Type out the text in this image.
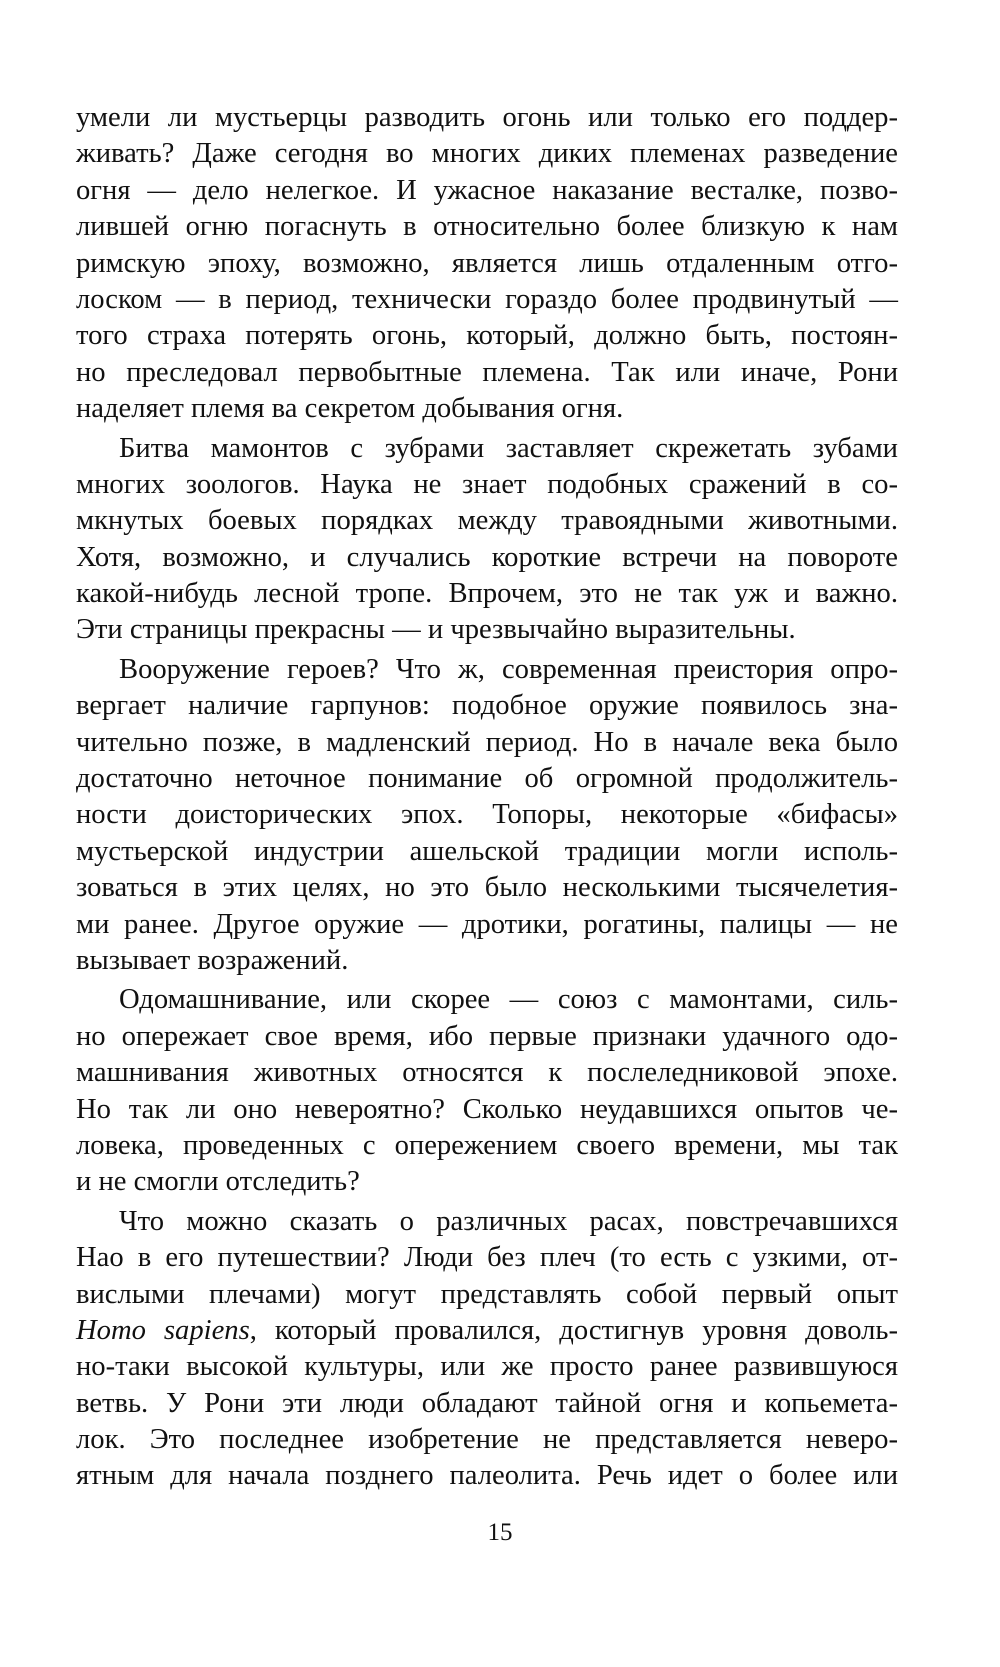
умели ли мустьерцы разводить огонь или только его поддер-
живать? Даже сегодня во многих диких племенах разведение
огня — дело нелегкое. И ужасное наказание весталке, позво-
лившей огню погаснуть в относительно более близкую к нам
римскую эпоху, возможно, является лишь отдаленным отго-
лоском — в период, технически гораздо более продвинутый —
того страха потерять огонь, который, должно быть, постоян-
но преследовал первобытные племена. Так или иначе, Рони
наделяет племя ва секретом добывания огня.
Битва мамонтов с зубрами заставляет скрежетать зубами
многих зоологов. Наука не знает подобных сражений в со-
мкнутых боевых порядках между травоядными животными.
Хотя, возможно, и случались короткие встречи на повороте
какой-нибудь лесной тропе. Впрочем, это не так уж и важно.
Эти страницы прекрасны — и чрезвычайно выразительны.
Вооружение героев? Что ж, современная преистория опро-
вергает наличие гарпунов: подобное оружие появилось зна-
чительно позже, в мадленский период. Но в начале века было
достаточно неточное понимание об огромной продолжитель-
ности доисторических эпох. Топоры, некоторые «бифасы»
мустьерской индустрии ашельской традиции могли исполь-
зоваться в этих целях, но это было несколькими тысячелетия-
ми ранее. Другое оружие — дротики, рогатины, палицы — не
вызывает возражений.
Одомашнивание, или скорее — союз с мамонтами, силь-
но опережает свое время, ибо первые признаки удачного одо-
машнивания животных относятся к послеледниковой эпохе.
Но так ли оно невероятно? Сколько неудавшихся опытов че-
ловека, проведенных с опережением своего времени, мы так
и не смогли отследить?
Что можно сказать о различных расах, повстречавшихся
Нао в его путешествии? Люди без плеч (то есть с узкими, от-
вислыми плечами) могут представлять собой первый опыт
Homo sapiens, который провалился, достигнув уровня доволь-
но-таки высокой культуры, или же просто ранее развившуюся
ветвь. У Рони эти люди обладают тайной огня и копьемета-
лок. Это последнее изобретение не представляется неверо-
ятным для начала позднего палеолита. Речь идет о более или
15
